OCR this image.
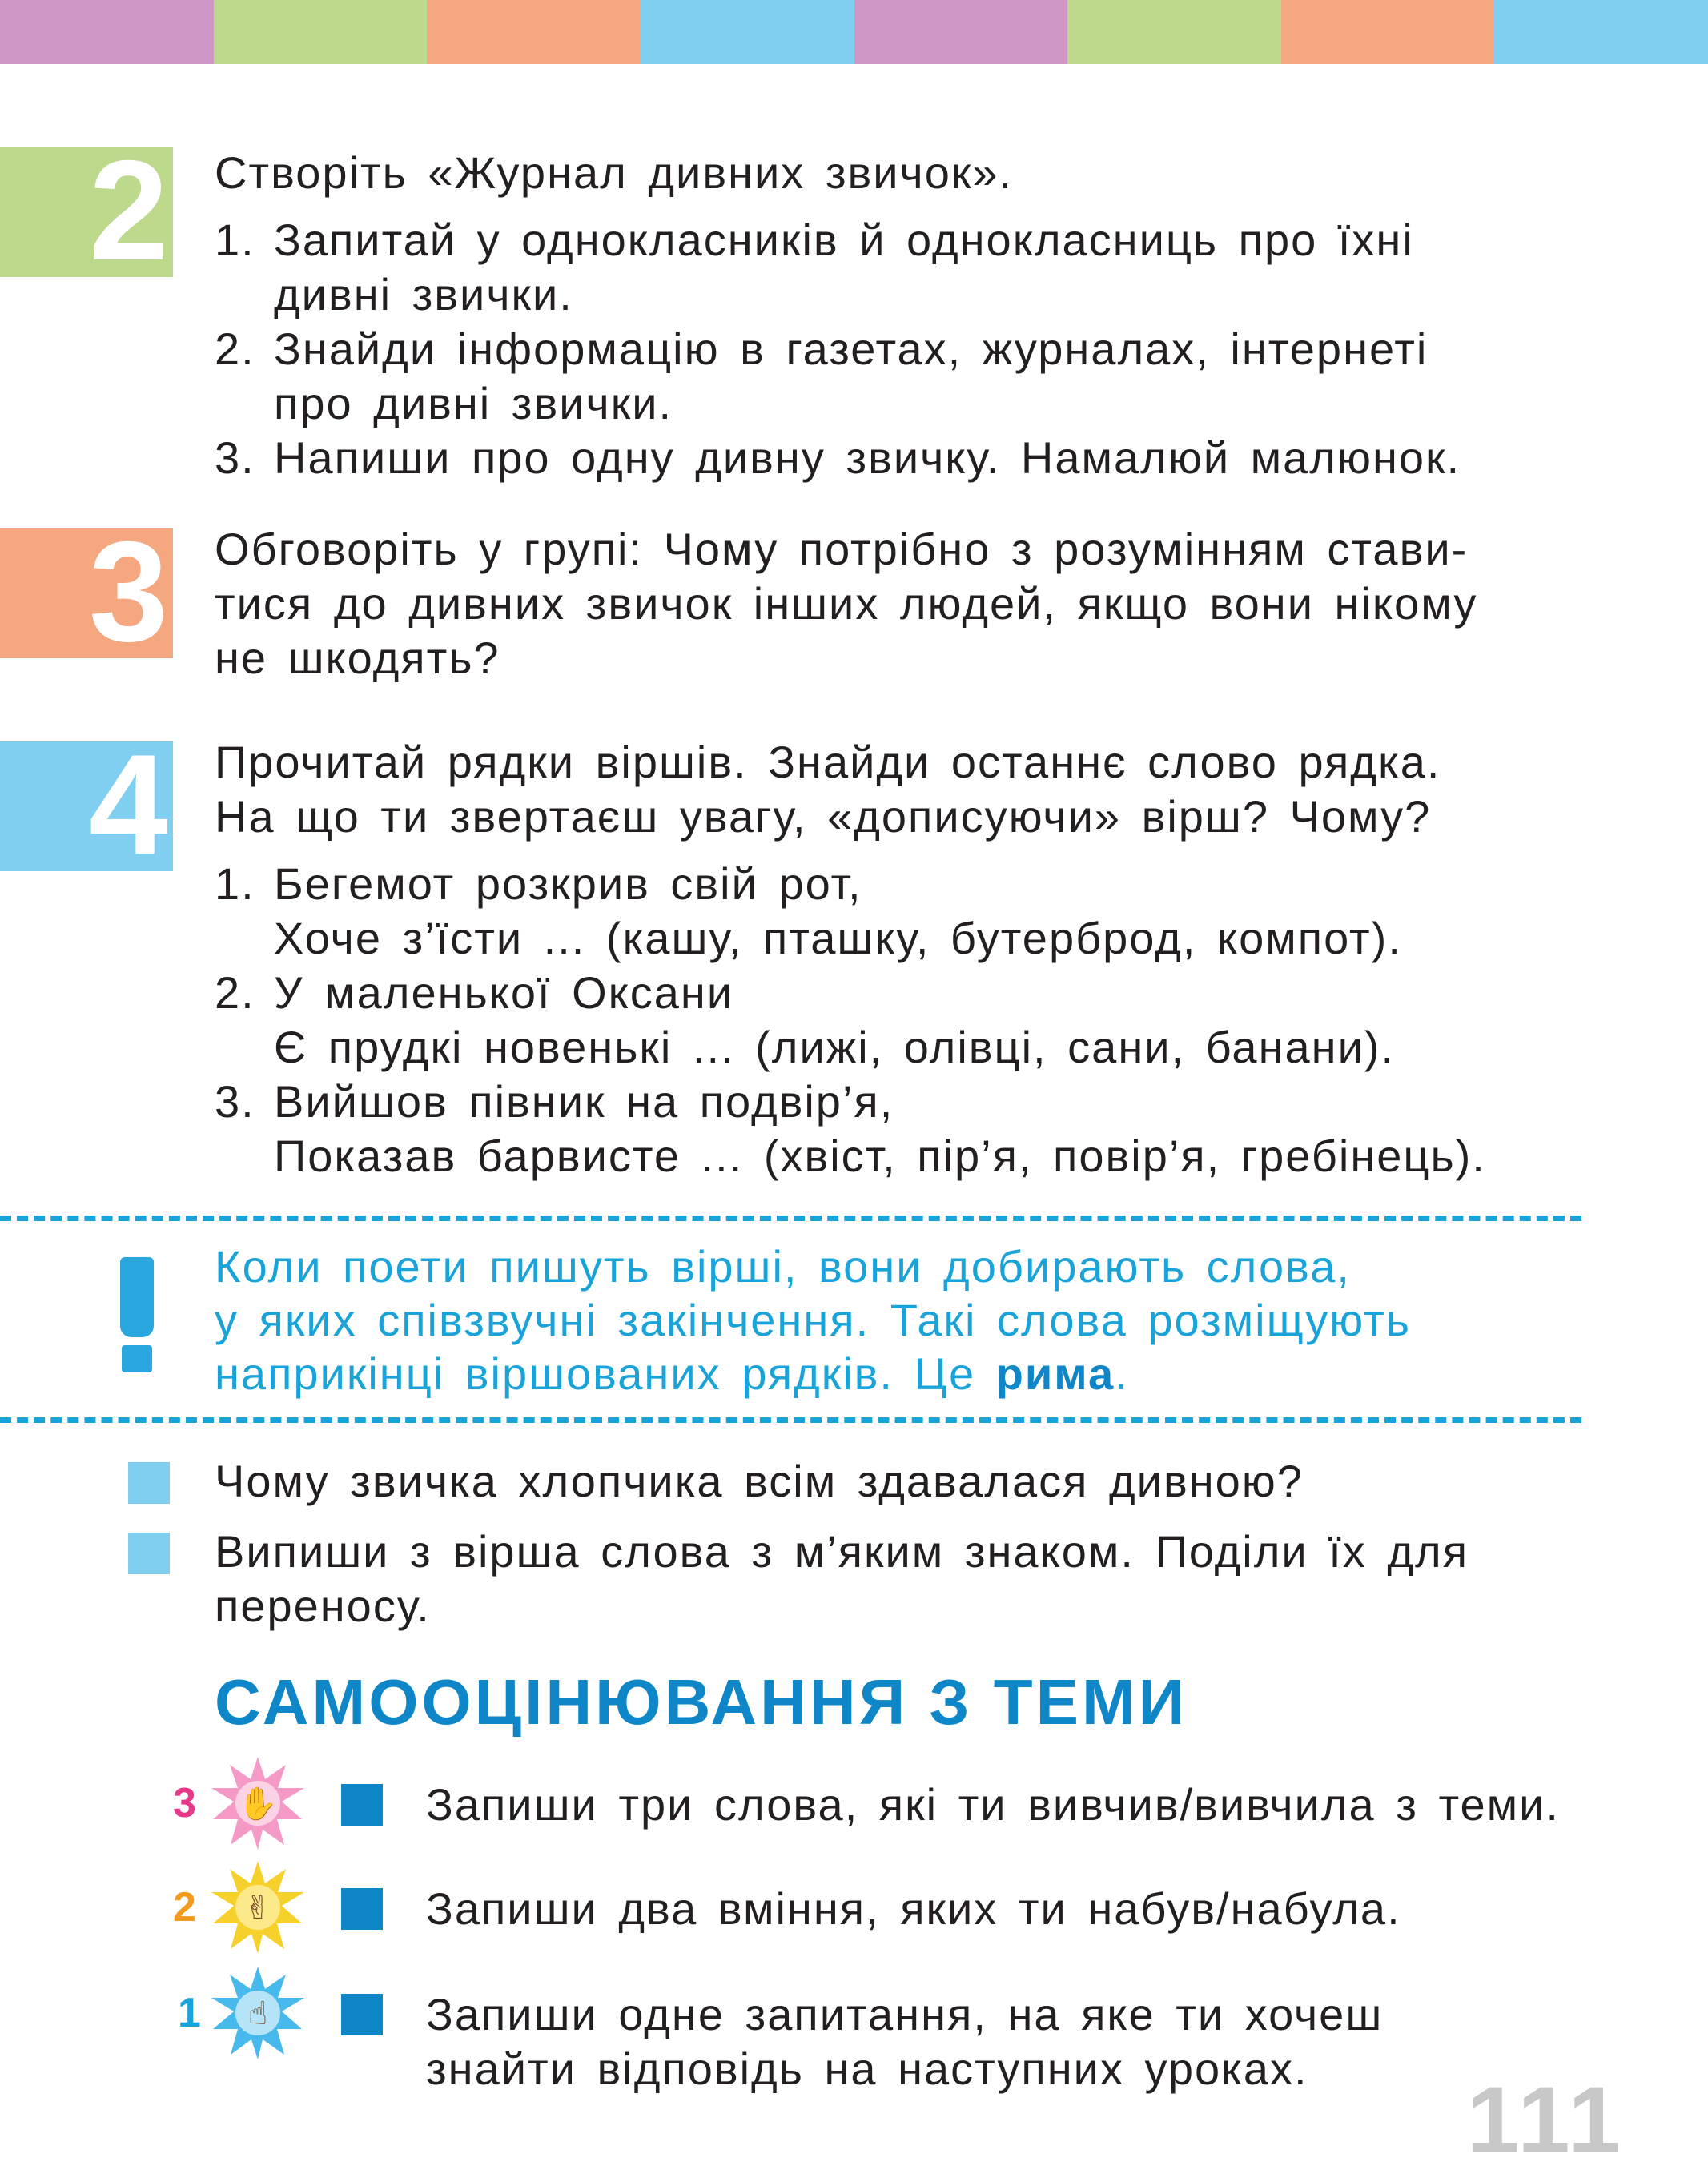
2 Створіть «Журнал дивних звичок».

1. Запитай у однокласників й однокласниць про їхні

дивні звички.

2. Знайди інформацію в газетах, журналах, інтернеті

про дивні звички.

3. Напиши про одну дивну звичку. Намалюй малюнок.

3 Обговоріть у групі: Чому потрібно з розумінням стави-

тися до дивних звичок інших людей, якщо вони нікому

не шкодять?

4 Прочитай рядки віршів. Знайди останнє слово рядка.

На що ти звертаєш увагу, «дописуючи» вірш? Чому?

1. Бегемот розкрив свій рот,

Хоче з’їсти ... (кашу, пташку, бутерброд, компот).

2. У маленької Оксани

Є прудкі новенькі ... (лижі, олівці, сани, банани).

3. Вийшов півник на подвір’я,

Показав барвисте ... (хвіст, пір’я, повір’я, гребінець).

Коли поети пишуть вірші, вони добирають слова,

у яких співзвучні закінчення. Такі слова розміщують

наприкінці віршованих рядків. Це рима.

Чому звичка хлопчика всім здавалася дивною?

Випиши з вірша слова з м’яким знаком. Поділи їх для

переносу.

САМООЦІНЮВАННЯ З ТЕМИ
3 ✋	Запиши три слова, які ти вивчив/вивчила з теми.

2 ✌	Запиши два вміння, яких ти набув/набула.

1 ☝	Запиши одне запитання, на яке ти хочеш

знайти відповідь на наступних уроках.	111
